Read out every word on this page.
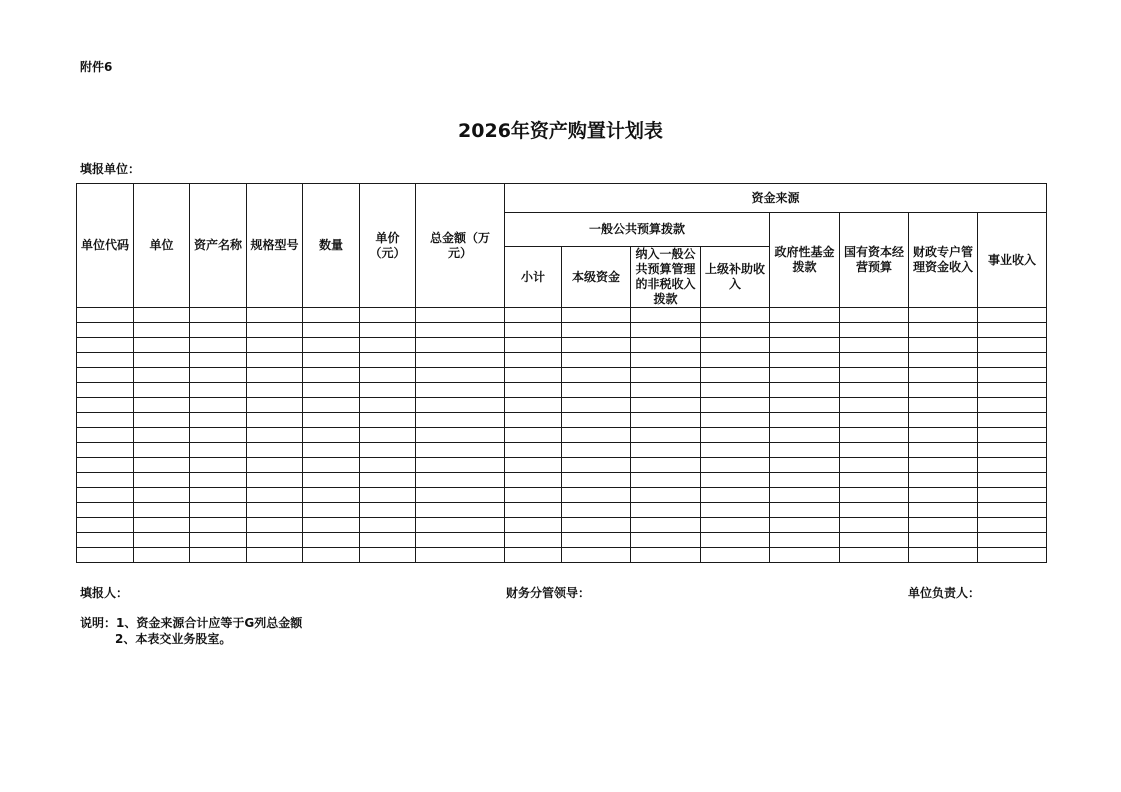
附件6
2026年资产购置计划表
填报单位：
单位代码	单位	资产名称	规格型号	数量	单价（元）	总金额（万元）	资金来源							
							一般公共预算拨款				政府性基金拨款	国有资本经营预算	财政专户管理资金收入	事业收入
							小计	本级资金	纳入一般公共预算管理的非税收入拨款	上级补助收入				

填报人：	财务分管领导：	单位负责人：
说明：1、资金来源合计应等于G列总金额
2、本表交业务股室。
